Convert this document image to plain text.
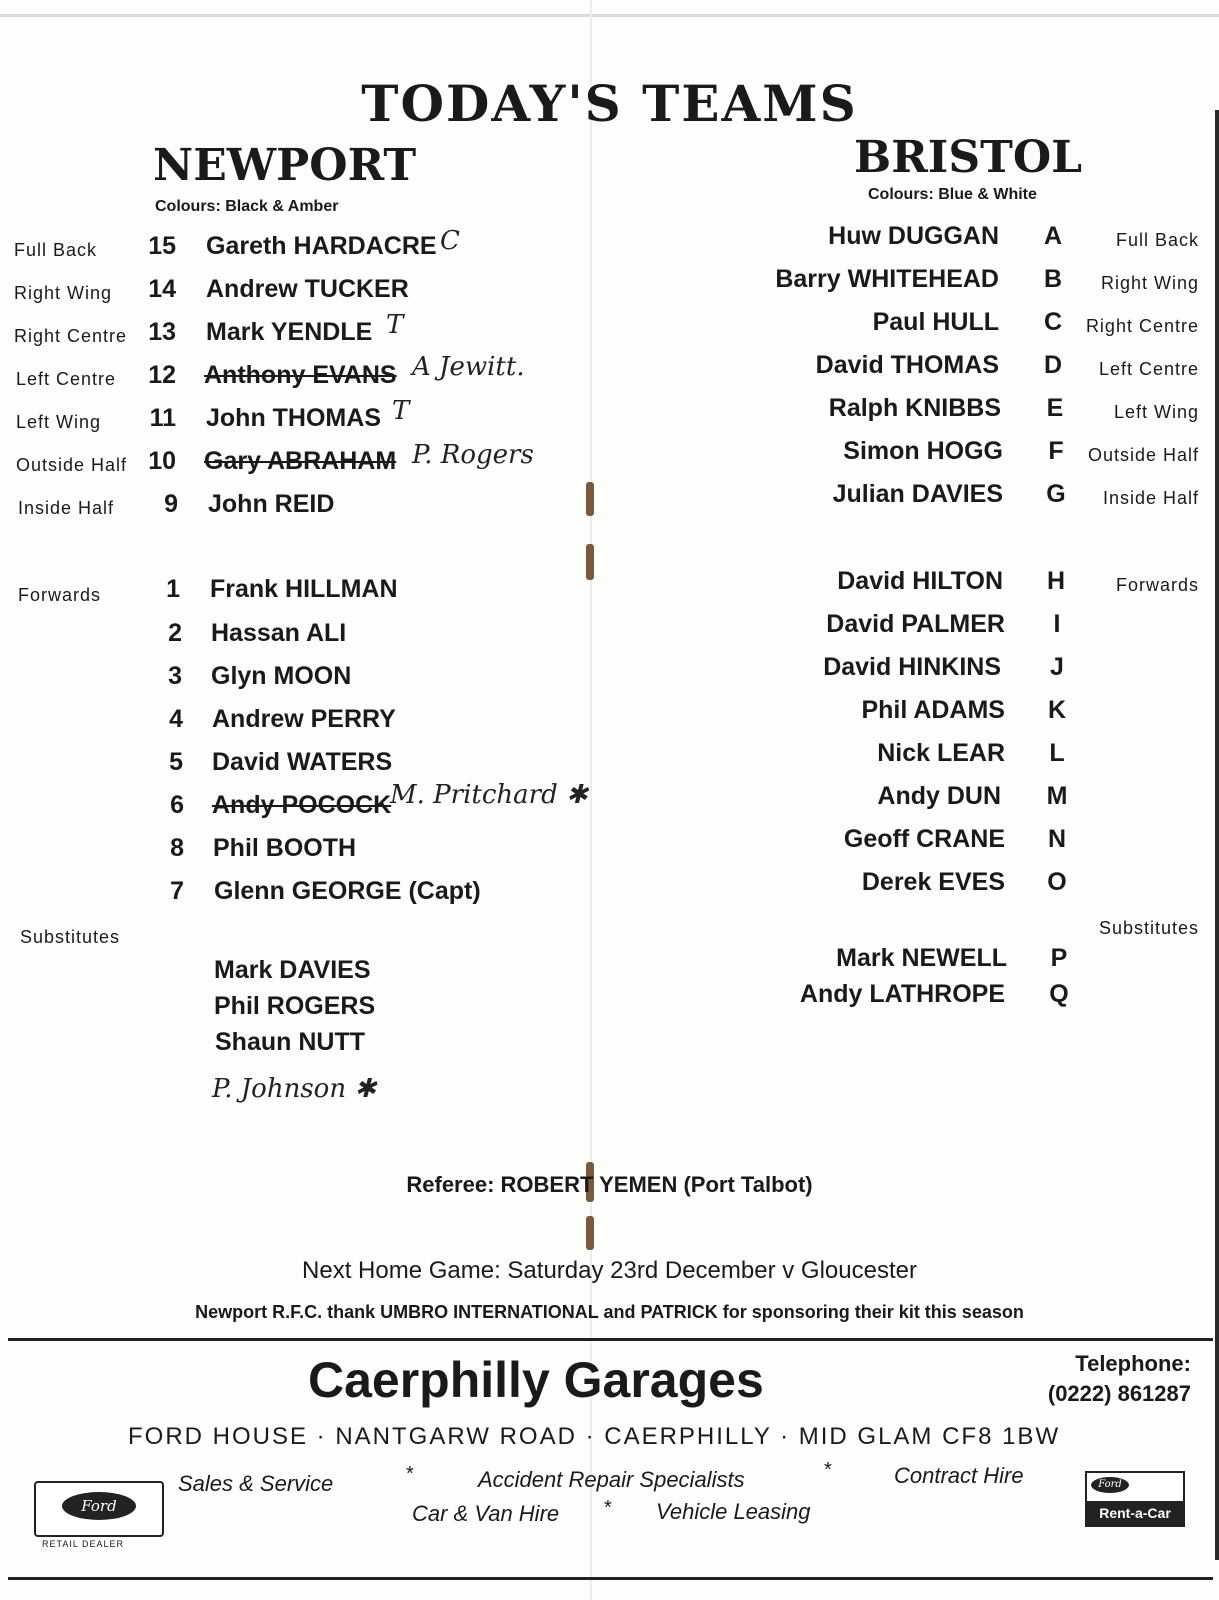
TODAY'S TEAMS
NEWPORT
Colours: Black & Amber
Full Back	15 Gareth HARDACRE C
Right Wing	14 Andrew TUCKER
Right Centre 13 Mark YENDLE T
Left Centre	12 Anthony EVANS A Jewitt.
Left Wing	11 John THOMAS T
Outside Half 10 Gary ABRAHAM P. Rogers
Inside Half	9 John REID
Forwards	1 Frank HILLMAN
2 Hassan ALI
3 Glyn MOON
4 Andrew PERRY
5 David WATERS
6 Andy POCOCK
M. Pritchard ✱
8 Phil BOOTH
7 Glenn GEORGE (Capt)
Substitutes
Mark DAVIES
Phil ROGERS
Shaun NUTT
P. Johnson ✱
BRISTOL
Colours: Blue & White
Huw DUGGAN A	Full Back
Barry WHITEHEAD B Right Wing
Paul HULL C Right Centre
David THOMAS D Left Centre
Ralph KNIBBS E	Left Wing
Simon HOGG F Outside Half
Julian DAVIES G Inside Half
Forwards
David HILTON H
David PALMER	I
David HINKINS J
Phil ADAMS K
Nick LEAR L
Andy DUN M
Geoff CRANE N
Derek EVES O
Substitutes
Mark NEWELL P
Andy LATHROPE Q
Referee: ROBERT YEMEN (Port Talbot)
Next Home Game: Saturday 23rd December v Gloucester
Newport R.F.C. thank UMBRO INTERNATIONAL and PATRICK for sponsoring their kit this season
Caerphilly Garages	Telephone:
(0222) 861287
FORD HOUSE · NANTGARW ROAD · CAERPHILLY · MID GLAM CF8 1BW
Ford
RETAIL DEALER
Sales & Service	*	Accident Repair Specialists	*	Contract Hire
Car & Van Hire * Vehicle Leasing
Ford
Rent-a-Car
